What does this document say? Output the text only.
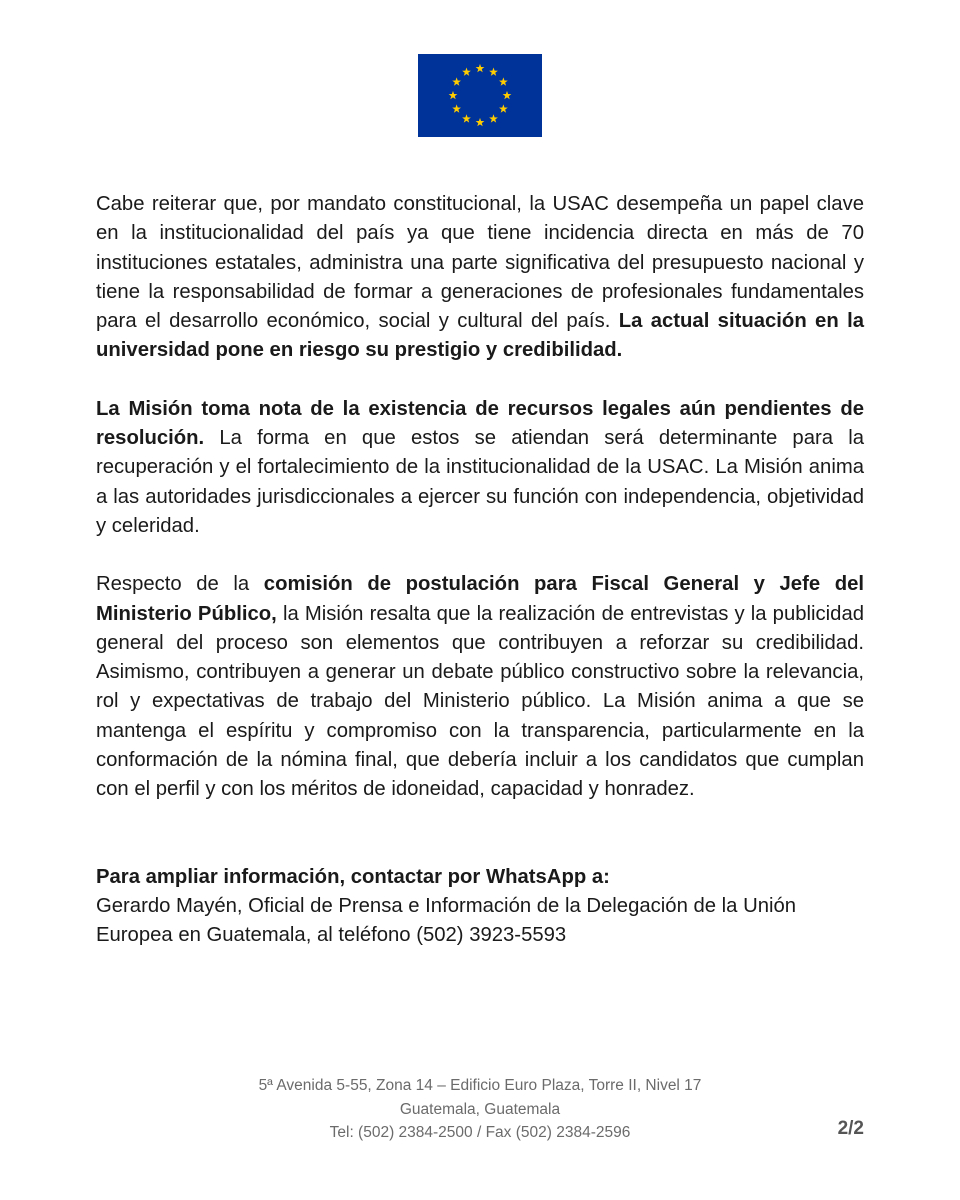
Cabe reiterar que, por mandato constitucional, la USAC desempeña un papel clave en la institucionalidad del país ya que tiene incidencia directa en más de 70 instituciones estatales, administra una parte significativa del presupuesto nacional y tiene la responsabilidad de formar a generaciones de profesionales fundamentales para el desarrollo económico, social y cultural del país. La actual situación en la universidad pone en riesgo su prestigio y credibilidad.

La Misión toma nota de la existencia de recursos legales aún pendientes de resolución. La forma en que estos se atiendan será determinante para la recuperación y el fortalecimiento de la institucionalidad de la USAC. La Misión anima a las autoridades jurisdiccionales a ejercer su función con independencia, objetividad y celeridad.

Respecto de la comisión de postulación para Fiscal General y Jefe del Ministerio Público, la Misión resalta que la realización de entrevistas y la publicidad general del proceso son elementos que contribuyen a reforzar su credibilidad. Asimismo, contribuyen a generar un debate público constructivo sobre la relevancia, rol y expectativas de trabajo del Ministerio público. La Misión anima a que se mantenga el espíritu y compromiso con la transparencia, particularmente en la conformación de la nómina final, que debería incluir a los candidatos que cumplan con el perfil y con los méritos de idoneidad, capacidad y honradez.

Para ampliar información, contactar por WhatsApp a:
Gerardo Mayén, Oficial de Prensa e Información de la Delegación de la Unión
Europea en Guatemala, al teléfono (502) 3923-5593
5ª Avenida 5-55, Zona 14 – Edificio Euro Plaza, Torre II, Nivel 17
Guatemala, Guatemala
Tel: (502) 2384-2500 / Fax (502) 2384-2596	2/2
